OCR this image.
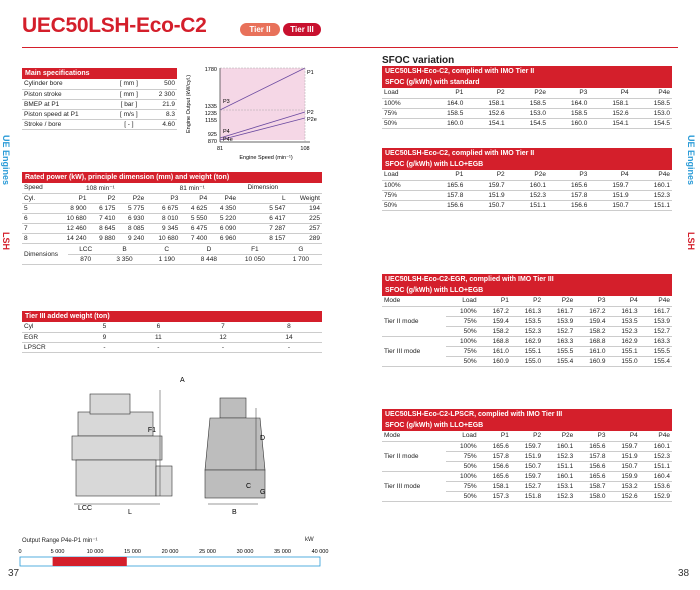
UEC50LSH-Eco-C2	Tier II	Tier III
UE Engines
LSH
UE Engines
LSH
37	38
Main specifications
Cylinder bore	[ mm ]	500
Piston stroke	[ mm ]	2 300
BMEP at P1	[ bar ]	21.9
Piston speed at P1	[ m/s ]	8.3
Stroke / bore	[ - ]	4.60
1780
1335
1235
1155
925
870
81	108
P1
P2
P2e
P3
P4
P4e
Engine Speed (min⁻¹)
Engine Output (kW/cyl.)
Rated power (kW), principle dimension (mm) and weight (ton)
Speed	108 min⁻¹			81 min⁻¹			Dimension	
Cyl.	P1	P2	P2e	P3	P4	P4e	L	Weight
5	8 900	6 175	5 775	6 675	4 625	4 350	5 547	194
6	10 680	7 410	6 930	8 010	5 550	5 220	6 417	225
7	12 460	8 645	8 085	9 345	6 475	6 090	7 287	257
8	14 240	9 880	9 240	10 680	7 400	6 960	8 157	289
Dimensions	LCC	B	C	D	F1	G
	870	3 350	1 190	8 448	10 050	1 700
Tier III added weight (ton)
Cyl	5	6	7	8
EGR	9	11	12	14
LPSCR	-	-	-	-
F1
D
C
G
B
L
LCC
A
Output Range P4e-P1 min⁻¹	kW
0	5 000	10 000	15 000	20 000	25 000	30 000	35 000	40 000
SFOC variation
UEC50LSH-Eco-C2, complied with IMO Tier II
SFOC (g/kWh) with standard
Load	P1	P2	P2e	P3	P4	P4e
100%	164.0	158.1	158.5	164.0	158.1	158.5
75%	158.5	152.6	153.0	158.5	152.6	153.0
50%	160.0	154.1	154.5	160.0	154.1	154.5
UEC50LSH-Eco-C2, complied with IMO Tier II
SFOC (g/kWh) with LLO+EGB
Load	P1	P2	P2e	P3	P4	P4e
100%	165.6	159.7	160.1	165.6	159.7	160.1
75%	157.8	151.9	152.3	157.8	151.9	152.3
50%	156.6	150.7	151.1	156.6	150.7	151.1
UEC50LSH-Eco-C2-EGR, complied with IMO Tier III
SFOC (g/kWh) with LLO+EGB
Mode	Load	P1	P2	P2e	P3	P4	P4e
Tier II mode	100%	167.2	161.3	161.7	167.2	161.3	161.7
	75%	159.4	153.5	153.9	159.4	153.5	153.9
	50%	158.2	152.3	152.7	158.2	152.3	152.7
Tier III mode	100%	168.8	162.9	163.3	168.8	162.9	163.3
	75%	161.0	155.1	155.5	161.0	155.1	155.5
	50%	160.9	155.0	155.4	160.9	155.0	155.4
UEC50LSH-Eco-C2-LPSCR, complied with IMO Tier III
SFOC (g/kWh) with LLO+EGB
Mode	Load	P1	P2	P2e	P3	P4	P4e
Tier II mode	100%	165.6	159.7	160.1	165.6	159.7	160.1
	75%	157.8	151.9	152.3	157.8	151.9	152.3
	50%	156.6	150.7	151.1	156.6	150.7	151.1
Tier III mode	100%	165.6	159.7	160.1	165.6	159.9	160.4
	75%	158.1	152.7	153.1	158.7	153.2	153.6
	50%	157.3	151.8	152.3	158.0	152.6	152.9
